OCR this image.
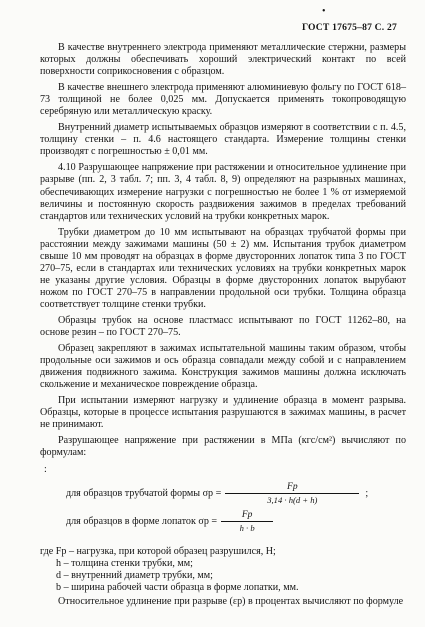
•
ГОСТ 17675–87 С. 27

В качестве внутреннего электрода применяют металлические стержни, размеры которых должны обеспечивать хороший электрический контакт по всей поверхности соприкосновения с образцом.

В качестве внешнего электрода применяют алюминиевую фольгу по ГОСТ 618–73 толщиной не более 0,025 мм. Допускается применять токопроводящую серебряную или металлическую краску.

Внутренний диаметр испытываемых образцов измеряют в соответствии с п. 4.5, толщину стенки – п. 4.6 настоящего стандарта. Измерение толщины стенки производят с погрешностью ± 0,01 мм.

4.10 Разрушающее напряжение при растяжении и относительное удлинение при разрыве (пп. 2, 3 табл. 7; пп. 3, 4 табл. 8, 9) определяют на разрывных машинах, обеспечивающих измерение нагрузки с погрешностью не более 1 % от измеряемой величины и постоянную скорость раздвижения зажимов в пределах требований стандартов или технических условий на трубки конкретных марок.

Трубки диаметром до 10 мм испытывают на образцах трубчатой формы при расстоянии между зажимами машины (50 ± 2) мм. Испытания трубок диаметром свыше 10 мм проводят на образцах в форме двусторонних лопаток типа 3 по ГОСТ 270–75, если в стандартах или технических условиях на трубки конкретных марок не указаны другие условия. Образцы в форме двусторонних лопаток вырубают ножом по ГОСТ 270–75 в направлении продольной оси трубки. Толщина образца соответствует толщине стенки трубки.

Образцы трубок на основе пластмасс испытывают по ГОСТ 11262–80, на основе резин – по ГОСТ 270–75.

Образец закрепляют в зажимах испытательной машины таким образом, чтобы продольные оси зажимов и ось образца совпадали между собой и с направлением движения подвижного зажима. Конструкция зажимов машины должна исключать скольжение и механическое повреждение образца.

При испытании измеряют нагрузку и удлинение образца в момент разрыва. Образцы, которые в процессе испытания разрушаются в зажимах машины, в расчет не принимают.

Разрушающее напряжение при растяжении в МПа (кгс/см²) вычисляют по формулам:

:
для образцов трубчатой формы $\sigma p = \frac{Fp}{3,14 \cdot h(d + h)}$ ;
для образцов в форме лопаток $\sigma p = \frac{Fp}{h \cdot b}$
где Fp – нагрузка, при которой образец разрушился, Н;
h – толщина стенки трубки, мм;
d – внутренний диаметр трубки, мм;
b – ширина рабочей части образца в форме лопатки, мм.

Относительное удлинение при разрыве (εp) в процентах вычисляют по формуле
